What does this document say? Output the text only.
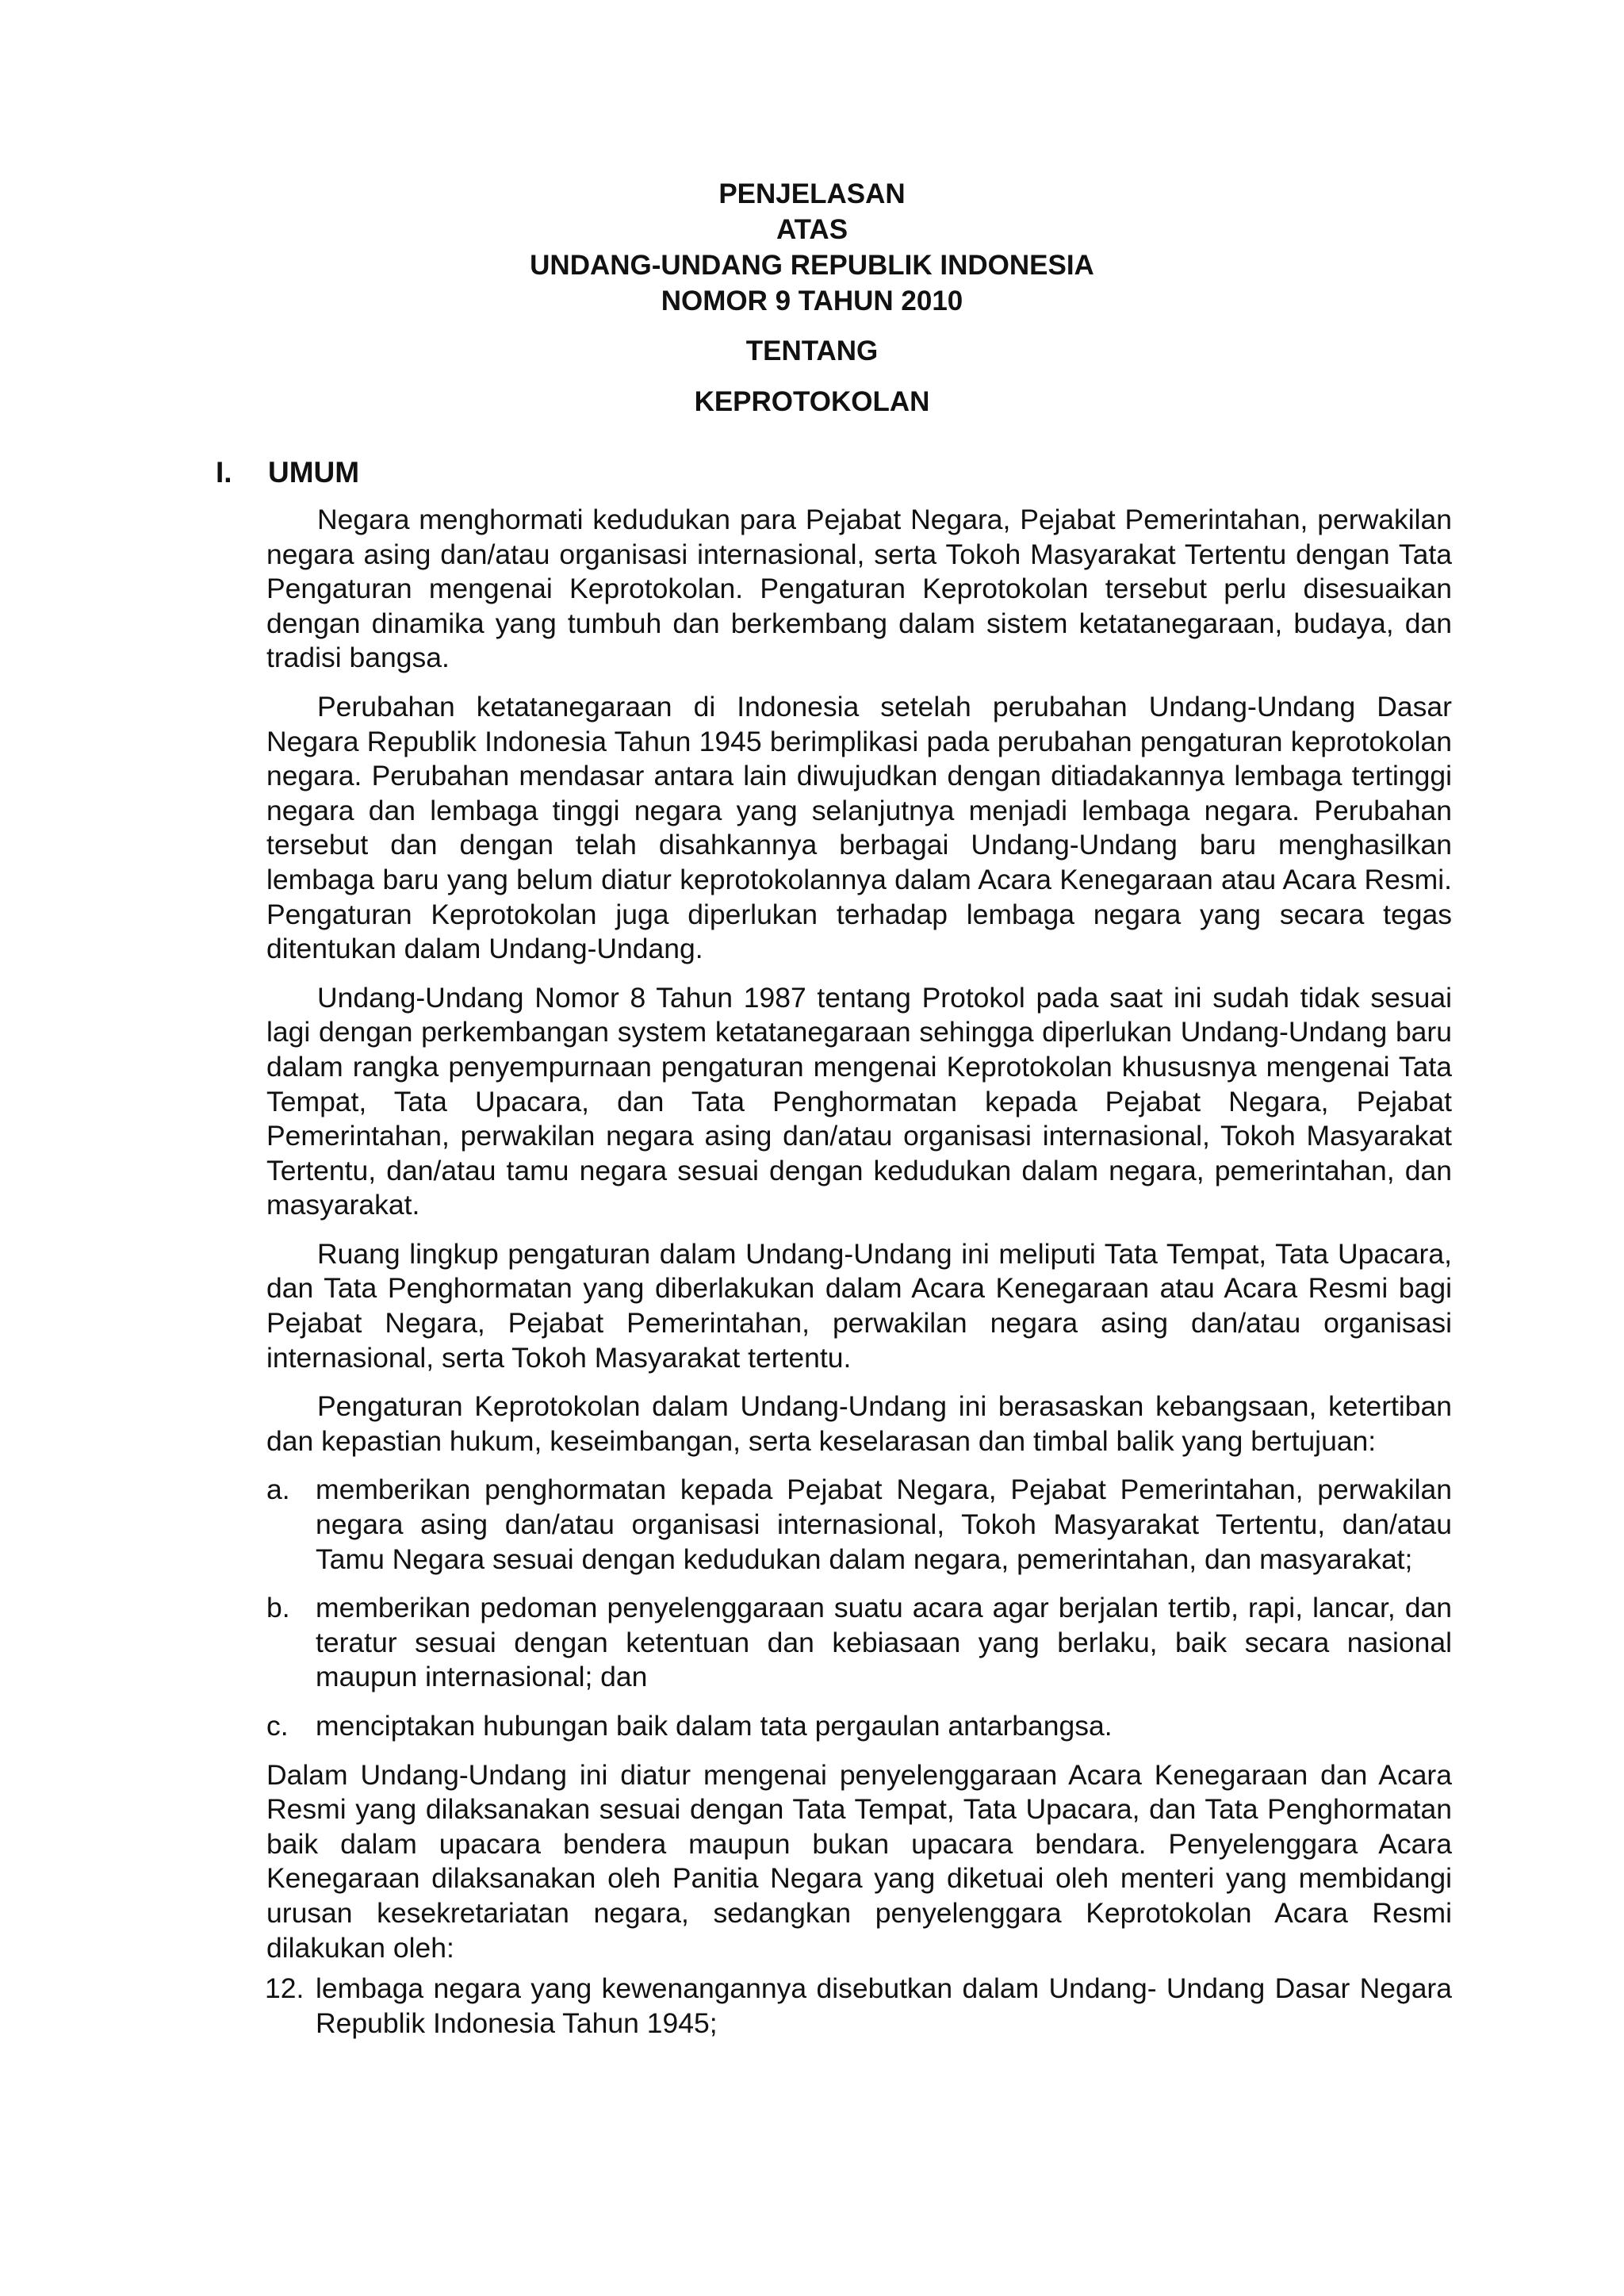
PENJELASAN
ATAS
UNDANG-UNDANG REPUBLIK INDONESIA
NOMOR 9 TAHUN 2010
TENTANG
KEPROTOKOLAN
I. UMUM

Negara menghormati kedudukan para Pejabat Negara, Pejabat Pemerintahan, perwakilan negara asing dan/atau organisasi internasional, serta Tokoh Masyarakat Tertentu dengan Tata Pengaturan mengenai Keprotokolan. Pengaturan Keprotokolan tersebut perlu disesuaikan dengan dinamika yang tumbuh dan berkembang dalam sistem ketatanegaraan, budaya, dan tradisi bangsa.

Perubahan ketatanegaraan di Indonesia setelah perubahan Undang-Undang Dasar Negara Republik Indonesia Tahun 1945 berimplikasi pada perubahan pengaturan keprotokolan negara. Perubahan mendasar antara lain diwujudkan dengan ditiadakannya lembaga tertinggi negara dan lembaga tinggi negara yang selanjutnya menjadi lembaga negara. Perubahan tersebut dan dengan telah disahkannya berbagai Undang-Undang baru menghasilkan lembaga baru yang belum diatur keprotokolannya dalam Acara Kenegaraan atau Acara Resmi. Pengaturan Keprotokolan juga diperlukan terhadap lembaga negara yang secara tegas ditentukan dalam Undang-Undang.

Undang-Undang Nomor 8 Tahun 1987 tentang Protokol pada saat ini sudah tidak sesuai lagi dengan perkembangan system ketatanegaraan sehingga diperlukan Undang-Undang baru dalam rangka penyempurnaan pengaturan mengenai Keprotokolan khususnya mengenai Tata Tempat, Tata Upacara, dan Tata Penghormatan kepada Pejabat Negara, Pejabat Pemerintahan, perwakilan negara asing dan/atau organisasi internasional, Tokoh Masyarakat Tertentu, dan/atau tamu negara sesuai dengan kedudukan dalam negara, pemerintahan, dan masyarakat.

Ruang lingkup pengaturan dalam Undang-Undang ini meliputi Tata Tempat, Tata Upacara, dan Tata Penghormatan yang diberlakukan dalam Acara Kenegaraan atau Acara Resmi bagi Pejabat Negara, Pejabat Pemerintahan, perwakilan negara asing dan/atau organisasi internasional, serta Tokoh Masyarakat tertentu.

Pengaturan Keprotokolan dalam Undang-Undang ini berasaskan kebangsaan, ketertiban dan kepastian hukum, keseimbangan, serta keselarasan dan timbal balik yang bertujuan:

a. memberikan penghormatan kepada Pejabat Negara, Pejabat Pemerintahan, perwakilan negara asing dan/atau organisasi internasional, Tokoh Masyarakat Tertentu, dan/atau Tamu Negara sesuai dengan kedudukan dalam negara, pemerintahan, dan masyarakat;
b. memberikan pedoman penyelenggaraan suatu acara agar berjalan tertib, rapi, lancar, dan teratur sesuai dengan ketentuan dan kebiasaan yang berlaku, baik secara nasional maupun internasional; dan
c. menciptakan hubungan baik dalam tata pergaulan antarbangsa.

Dalam Undang-Undang ini diatur mengenai penyelenggaraan Acara Kenegaraan dan Acara Resmi yang dilaksanakan sesuai dengan Tata Tempat, Tata Upacara, dan Tata Penghormatan baik dalam upacara bendera maupun bukan upacara bendara. Penyelenggara Acara Kenegaraan dilaksanakan oleh Panitia Negara yang diketuai oleh menteri yang membidangi urusan kesekretariatan negara, sedangkan penyelenggara Keprotokolan Acara Resmi dilakukan oleh:

12. lembaga negara yang kewenangannya disebutkan dalam Undang- Undang Dasar Negara Republik Indonesia Tahun 1945;
